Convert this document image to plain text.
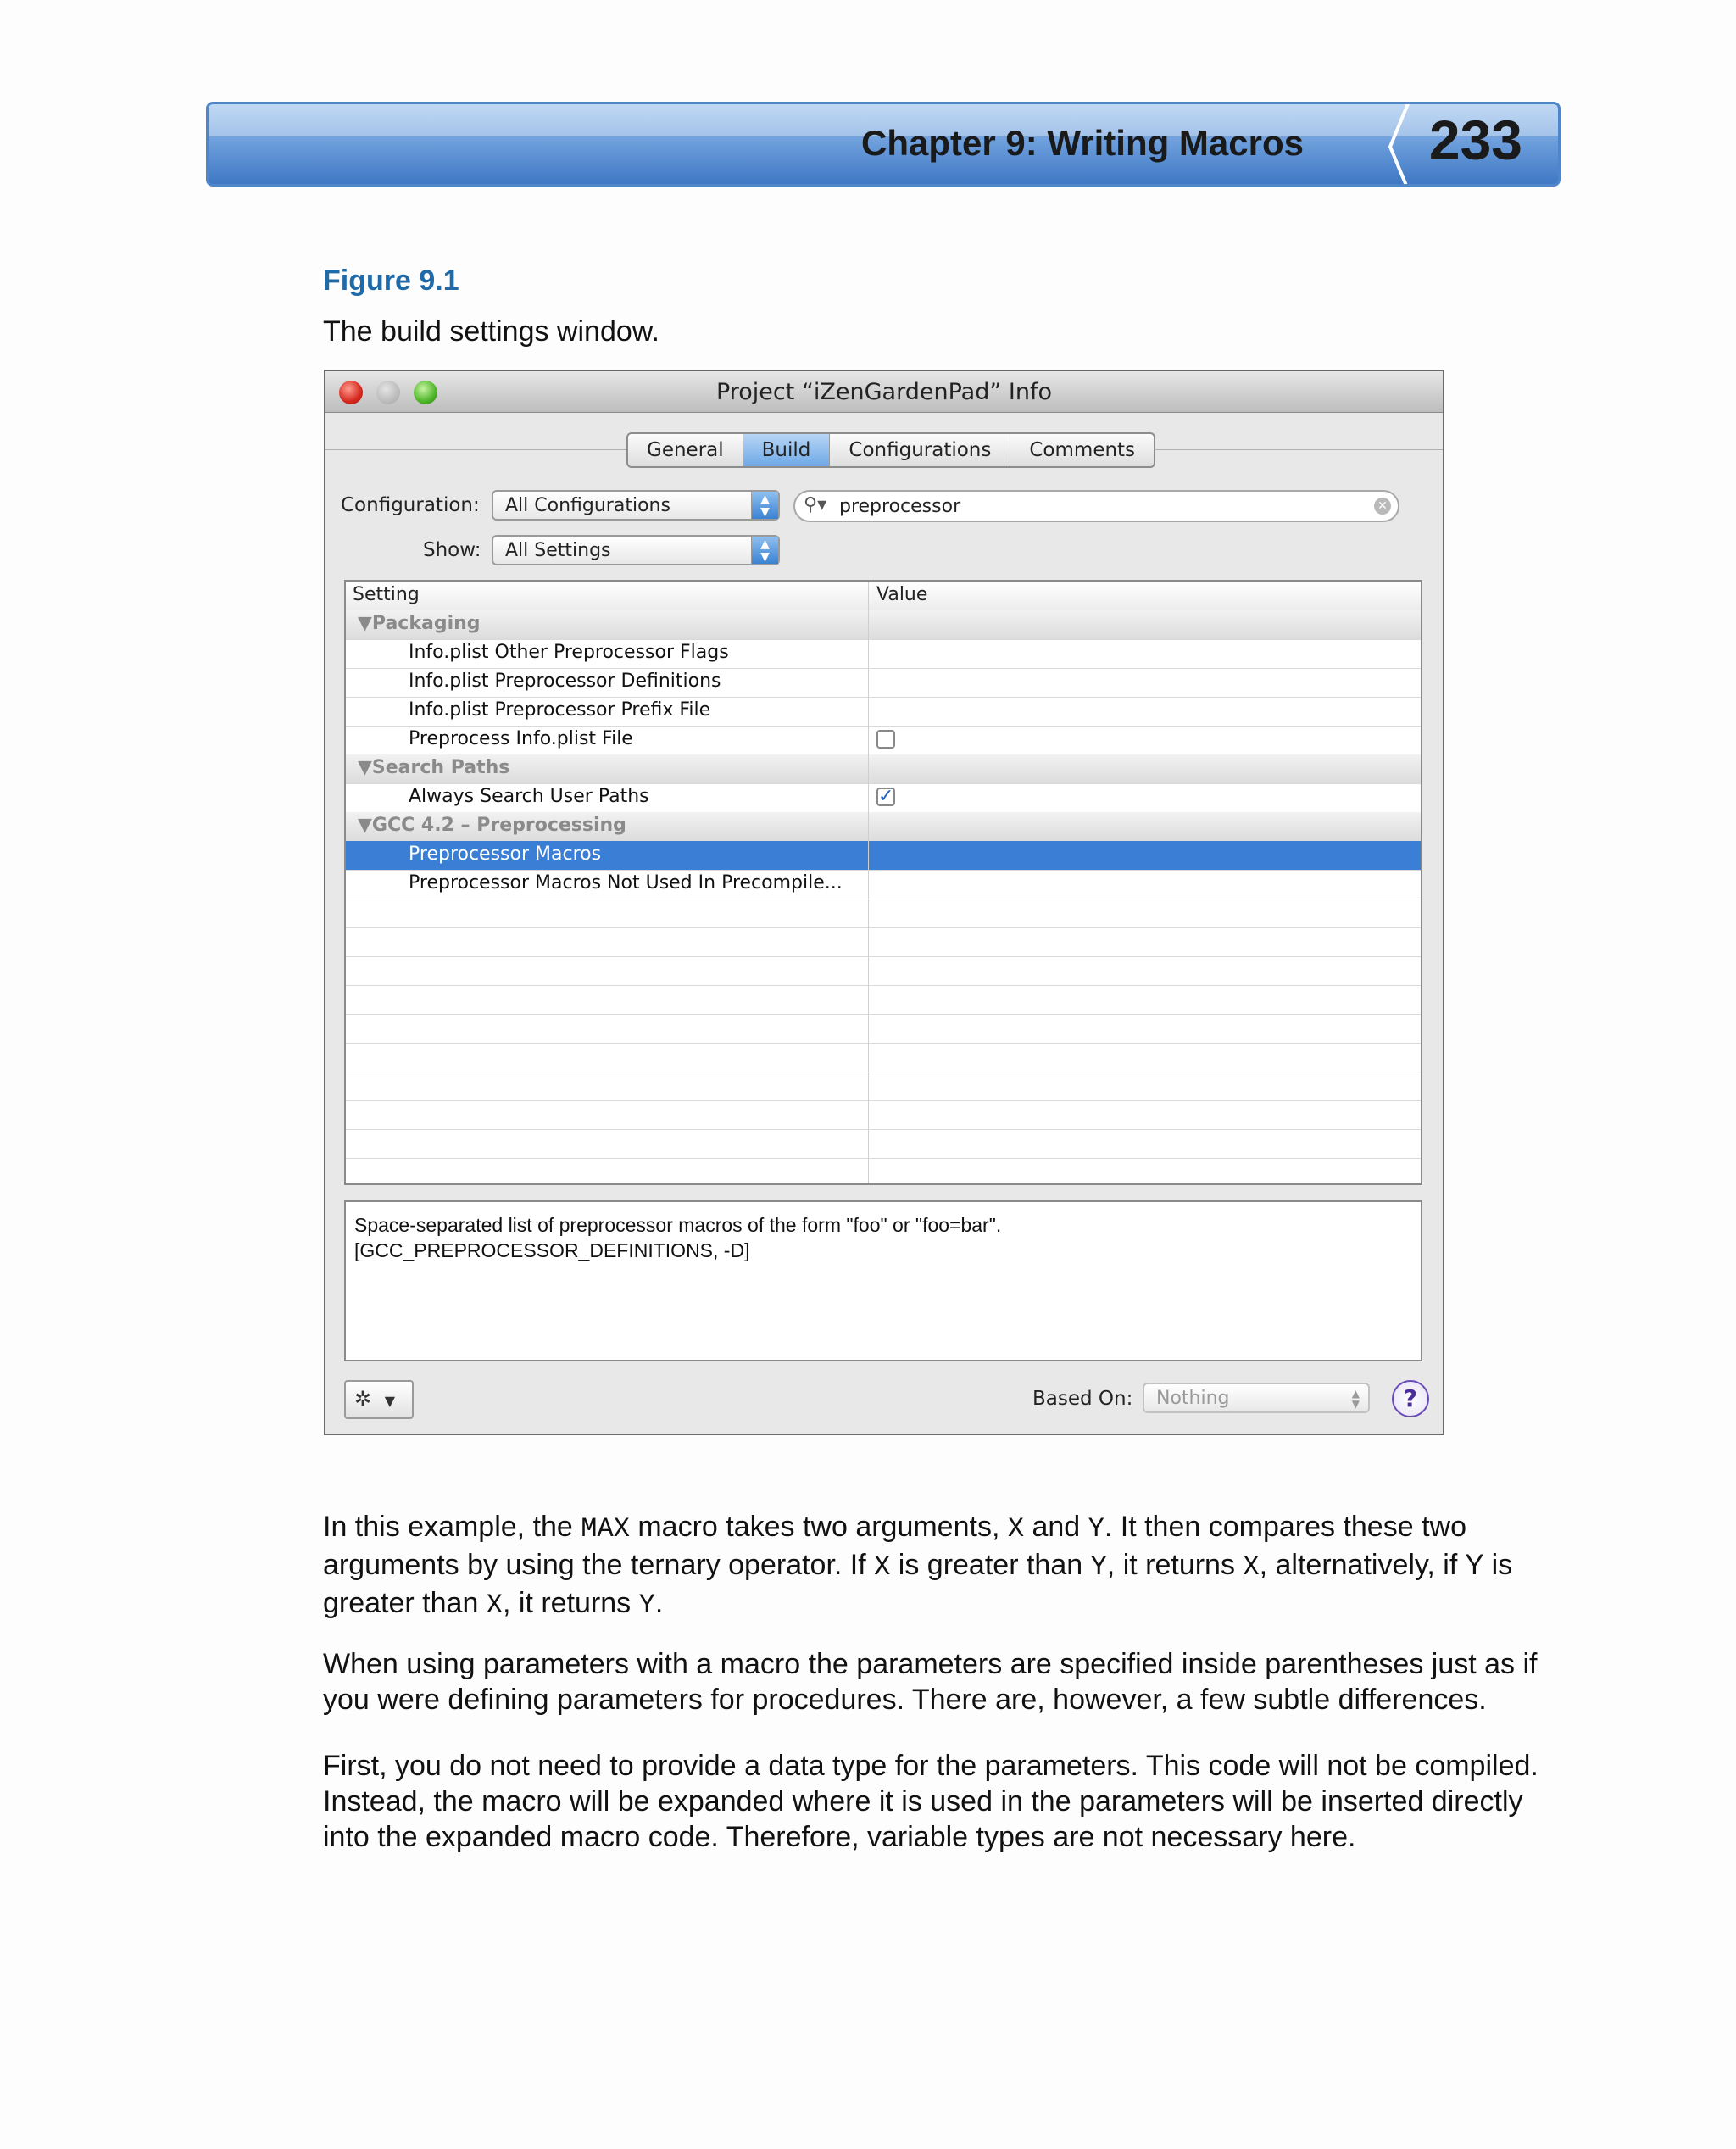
Chapter 9: Writing Macros 233
Figure 9.1
The build settings window.
Project “iZenGardenPad” Info
General	Build	Configurations	Comments
Configuration:	All Configurations	▲
▼	⚲▾
preprocessor	✕
Show:	All Settings	▲
▼
Setting	Value
▼Packaging
Info.plist Other Preprocessor Flags
Info.plist Preprocessor Definitions
Info.plist Preprocessor Prefix File
Preprocess Info.plist File
▼Search Paths
Always Search User Paths	✓
▼GCC 4.2 – Preprocessing
Preprocessor Macros
Preprocessor Macros Not Used In Precompile...
Space-separated list of preprocessor macros of the form "foo" or "foo=bar".
[GCC_PREPROCESSOR_DEFINITIONS, -D]
✲ ▼	Based On:	Nothing	▲
▼	?

In this example, the MAX macro takes two arguments, X and Y. It then compares these two arguments by using the ternary operator. If X is greater than Y, it returns X, alternatively, if Y is greater than X, it returns Y.

When using parameters with a macro the parameters are specified inside parentheses just as if you were defining parameters for procedures. There are, however, a few subtle differences.

First, you do not need to provide a data type for the parameters. This code will not be compiled. Instead, the macro will be expanded where it is used in the parameters will be inserted directly into the expanded macro code. Therefore, variable types are not necessary here.
